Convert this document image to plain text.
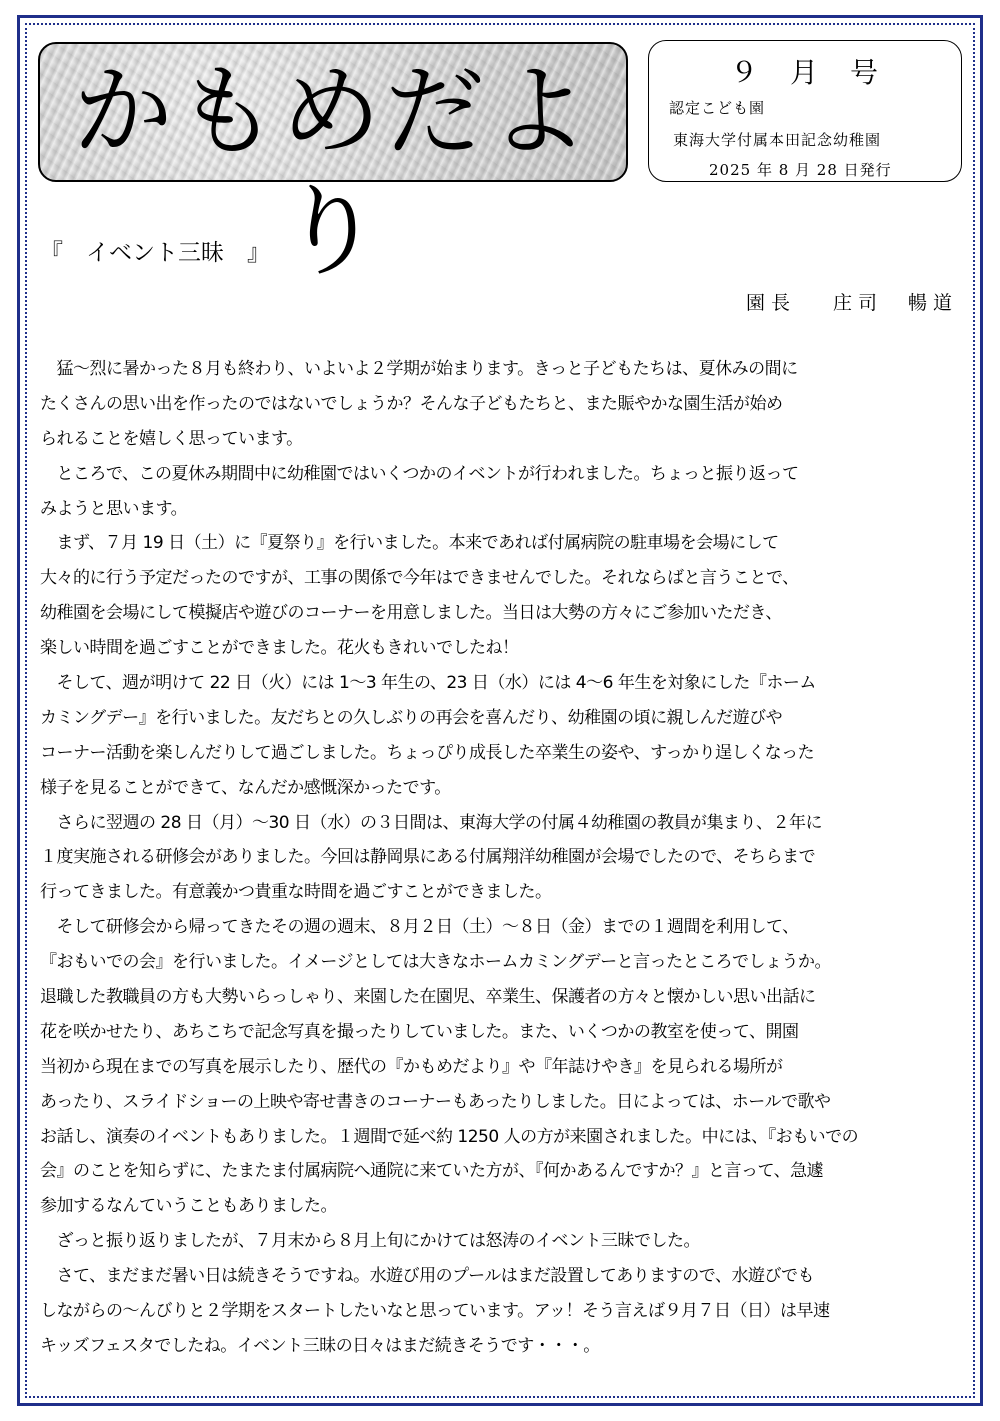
かもめだより
９月号
認定こども園
東海大学付属本田記念幼稚園
2025 年 8 月 28 日発行
『　イベント三昧　』
園長　 庄司　暢道
　猛～烈に暑かった８月も終わり、いよいよ２学期が始まります。きっと子どもたちは、夏休みの間に
たくさんの思い出を作ったのではないでしょうか？そんな子どもたちと、また賑やかな園生活が始め
られることを嬉しく思っています。
　ところで、この夏休み期間中に幼稚園ではいくつかのイベントが行われました。ちょっと振り返って
みようと思います。
　まず、７月 19 日（土）に『夏祭り』を行いました。本来であれば付属病院の駐車場を会場にして
大々的に行う予定だったのですが、工事の関係で今年はできませんでした。それならばと言うことで、
幼稚園を会場にして模擬店や遊びのコーナーを用意しました。当日は大勢の方々にご参加いただき、
楽しい時間を過ごすことができました。花火もきれいでしたね！
　そして、週が明けて 22 日（火）には 1～3 年生の、23 日（水）には 4～6 年生を対象にした『ホーム
カミングデー』を行いました。友だちとの久しぶりの再会を喜んだり、幼稚園の頃に親しんだ遊びや
コーナー活動を楽しんだりして過ごしました。ちょっぴり成長した卒業生の姿や、すっかり逞しくなった
様子を見ることができて、なんだか感慨深かったです。
　さらに翌週の 28 日（月）～30 日（水）の３日間は、東海大学の付属４幼稚園の教員が集まり、２年に
１度実施される研修会がありました。今回は静岡県にある付属翔洋幼稚園が会場でしたので、そちらまで
行ってきました。有意義かつ貴重な時間を過ごすことができました。
　そして研修会から帰ってきたその週の週末、８月２日（土）～８日（金）までの１週間を利用して、
『おもいでの会』を行いました。イメージとしては大きなホームカミングデーと言ったところでしょうか。
退職した教職員の方も大勢いらっしゃり、来園した在園児、卒業生、保護者の方々と懐かしい思い出話に
花を咲かせたり、あちこちで記念写真を撮ったりしていました。また、いくつかの教室を使って、開園
当初から現在までの写真を展示したり、歴代の『かもめだより』や『年誌けやき』を見られる場所が
あったり、スライドショーの上映や寄せ書きのコーナーもあったりしました。日によっては、ホールで歌や
お話し、演奏のイベントもありました。１週間で延べ約 1250 人の方が来園されました。中には、『おもいでの
会』のことを知らずに、たまたま付属病院へ通院に来ていた方が、『何かあるんですか？』と言って、急遽
参加するなんていうこともありました。
　ざっと振り返りましたが、７月末から８月上旬にかけては怒涛のイベント三昧でした。
　さて、まだまだ暑い日は続きそうですね。水遊び用のプールはまだ設置してありますので、水遊びでも
しながらの～んびりと２学期をスタートしたいなと思っています。アッ！そう言えば９月７日（日）は早速
キッズフェスタでしたね。イベント三昧の日々はまだ続きそうです・・・。
